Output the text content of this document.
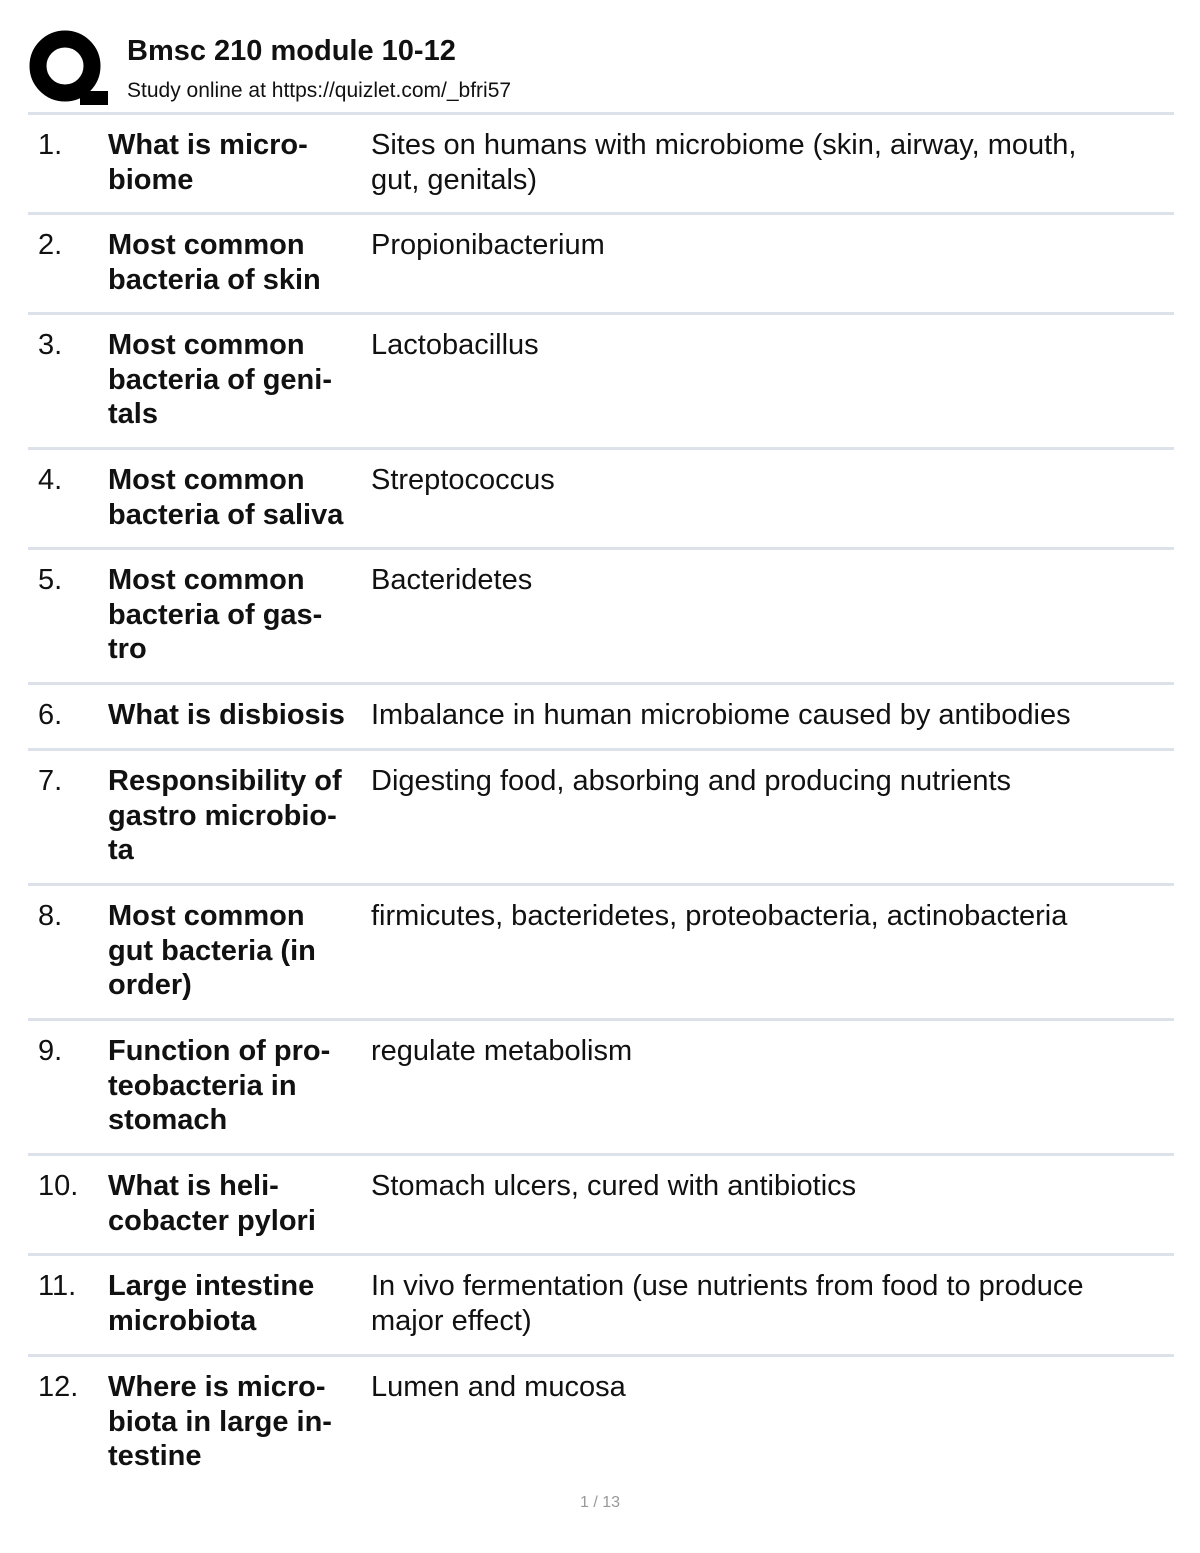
Bmsc 210 module 10-12
Study online at https://quizlet.com/_bfri57
1. What is micro-
biome
Sites on humans with microbiome (skin, airway, mouth,
gut, genitals)
2. Most common
bacteria of skin
Propionibacterium
3. Most common
bacteria of geni-
tals
Lactobacillus
4. Most common
bacteria of saliva
Streptococcus
5. Most common
bacteria of gas-
tro
Bacteridetes
6. What is disbiosis Imbalance in human microbiome caused by antibodies
7. Responsibility of
gastro microbio-
ta
Digesting food, absorbing and producing nutrients
8. Most common
gut bacteria (in
order)
firmicutes, bacteridetes, proteobacteria, actinobacteria
9. Function of pro-
teobacteria in
stomach
regulate metabolism
10. What is heli-
cobacter pylori
Stomach ulcers, cured with antibiotics
11. Large intestine
microbiota
In vivo fermentation (use nutrients from food to produce
major effect)
12. Where is micro-
biota in large in-
testine
Lumen and mucosa
1 / 13
